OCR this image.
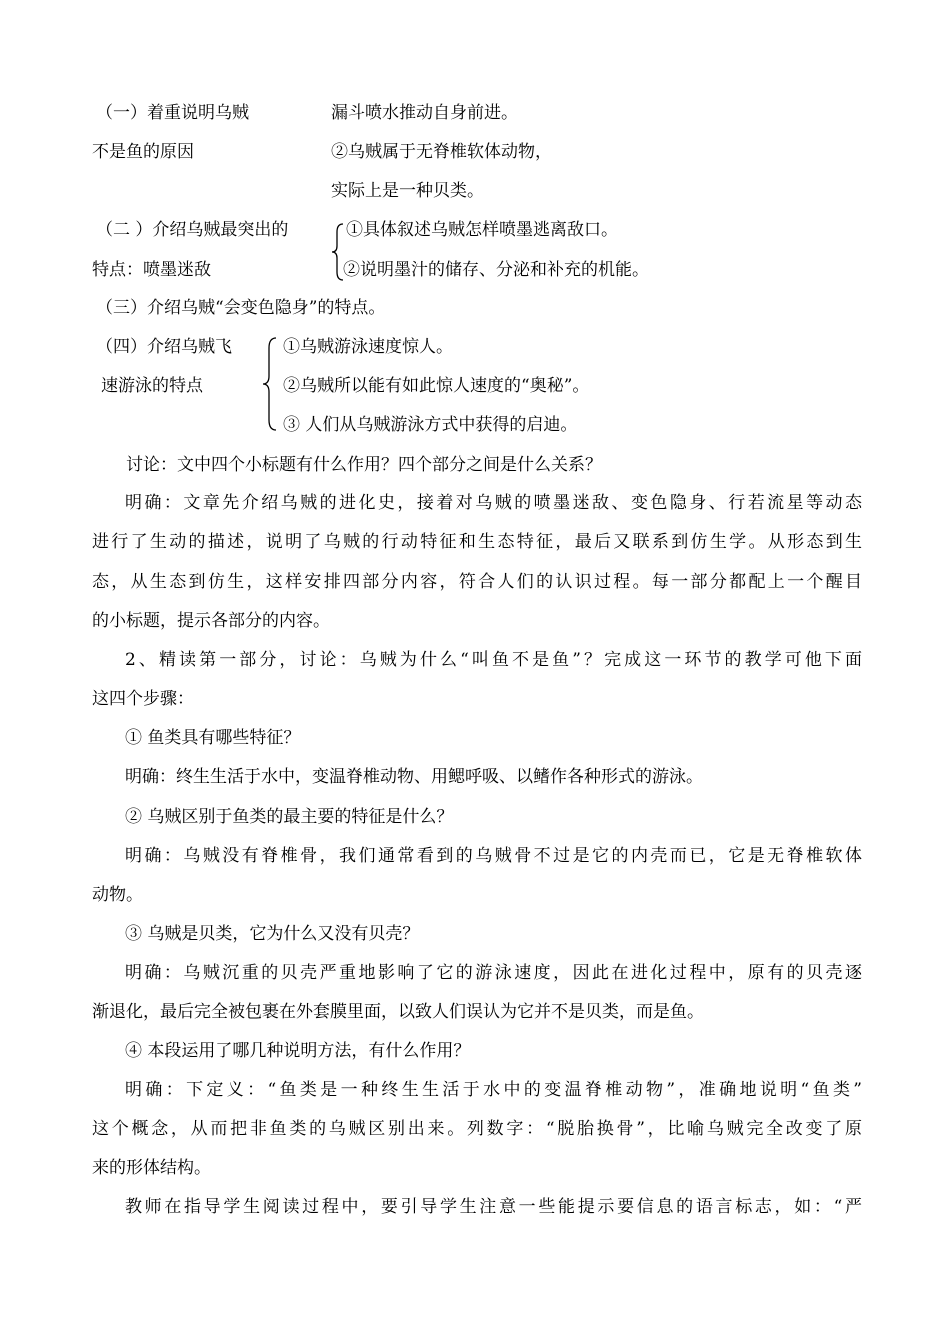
（一）着重说明乌贼
不是鱼的原因
漏斗喷水推动自身前进。
②乌贼属于无脊椎软体动物，
实际上是一种贝类。
（二 ）介绍乌贼最突出的
特点：喷墨迷敌
①具体叙述乌贼怎样喷墨逃离敌口。
②说明墨汁的储存、分泌和补充的机能。
（三）介绍乌贼“会变色隐身”的特点。
（四）介绍乌贼飞
速游泳的特点
①乌贼游泳速度惊人。
②乌贼所以能有如此惊人速度的“奥秘”。
③ 人们从乌贼游泳方式中获得的启迪。
讨论：文中四个小标题有什么作用？四个部分之间是什么关系？
明确：文章先介绍乌贼的进化史，接着对乌贼的喷墨迷敌、变色隐身、行若流星等动态
进行了生动的描述，说明了乌贼的行动特征和生态特征，最后又联系到仿生学。从形态到生
态，从生态到仿生，这样安排四部分内容，符合人们的认识过程。每一部分都配上一个醒目
的小标题，提示各部分的内容。
2、精读第一部分，讨论：乌贼为什么“叫鱼不是鱼”？完成这一环节的教学可他下面
这四个步骤：
① 鱼类具有哪些特征？
明确：终生生活于水中，变温脊椎动物、用鳃呼吸、以鳍作各种形式的游泳。
② 乌贼区别于鱼类的最主要的特征是什么？
明确：乌贼没有脊椎骨，我们通常看到的乌贼骨不过是它的内壳而已，它是无脊椎软体
动物。
③ 乌贼是贝类，它为什么又没有贝壳？
明确：乌贼沉重的贝壳严重地影响了它的游泳速度，因此在进化过程中，原有的贝壳逐
渐退化，最后完全被包裹在外套膜里面，以致人们误认为它并不是贝类，而是鱼。
④ 本段运用了哪几种说明方法，有什么作用？
明确：下定义：“鱼类是一种终生生活于水中的变温脊椎动物”，准确地说明“鱼类”
这个概念，从而把非鱼类的乌贼区别出来。列数字：“脱胎换骨”，比喻乌贼完全改变了原
来的形体结构。
教师在指导学生阅读过程中，要引导学生注意一些能提示要信息的语言标志，如：“严
